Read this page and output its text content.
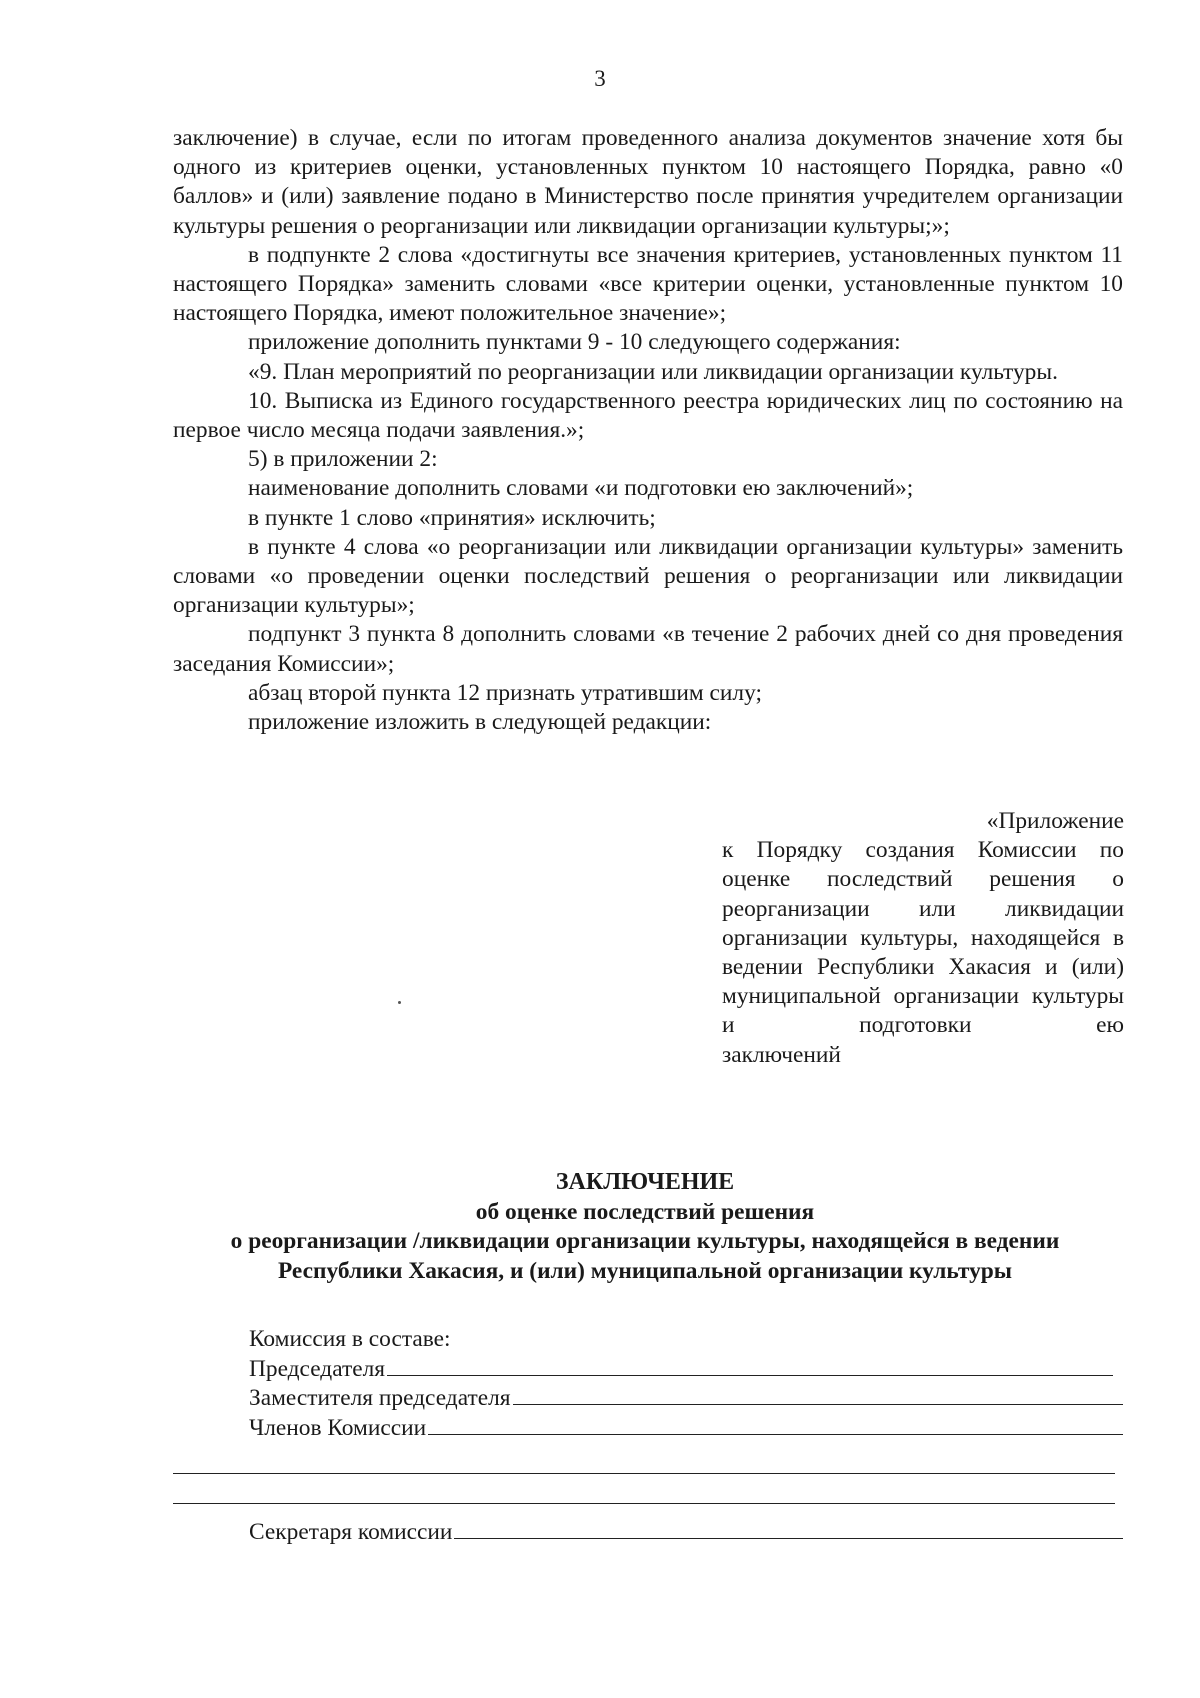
3

заключение) в случае, если по итогам проведенного анализа документов значение хотя бы одного из критериев оценки, установленных пунктом 10 настоящего Порядка, равно «0 баллов» и (или) заявление подано в Министерство после принятия учредителем организации культуры решения о реорганизации или ликвидации организации культуры;»;

в подпункте 2 слова «достигнуты все значения критериев, установленных пунктом 11 настоящего Порядка» заменить словами «все критерии оценки, установленные пунктом 10 настоящего Порядка, имеют положительное значение»;

приложение дополнить пунктами 9 - 10 следующего содержания:

«9. План мероприятий по реорганизации или ликвидации организации культуры.

10. Выписка из Единого государственного реестра юридических лиц по состоянию на первое число месяца подачи заявления.»;

5) в приложении 2:

наименование дополнить словами «и подготовки ею заключений»;

в пункте 1 слово «принятия» исключить;

в пункте 4 слова «о реорганизации или ликвидации организации культуры» заменить словами «о проведении оценки последствий решения о реорганизации или ликвидации организации культуры»;

подпункт 3 пункта 8 дополнить словами «в течение 2 рабочих дней со дня проведения заседания Комиссии»;

абзац второй пункта 12 признать утратившим силу;

приложение изложить в следующей редакции:

«Приложение

к Порядку создания Комиссии по оценке последствий решения о реорганизации или ликвидации организации культуры, находящейся в ведении Республики Хакасия и (или) муниципальной организации культуры и подготовки ею

заключений

ЗАКЛЮЧЕНИЕ

об оценке последствий решения

о реорганизации /ликвидации организации культуры, находящейся в ведении

Республики Хакасия, и (или) муниципальной организации культуры

Комиссия в составе:
Председателя
Заместителя председателя
Членов Комиссии
Секретаря комиссии
